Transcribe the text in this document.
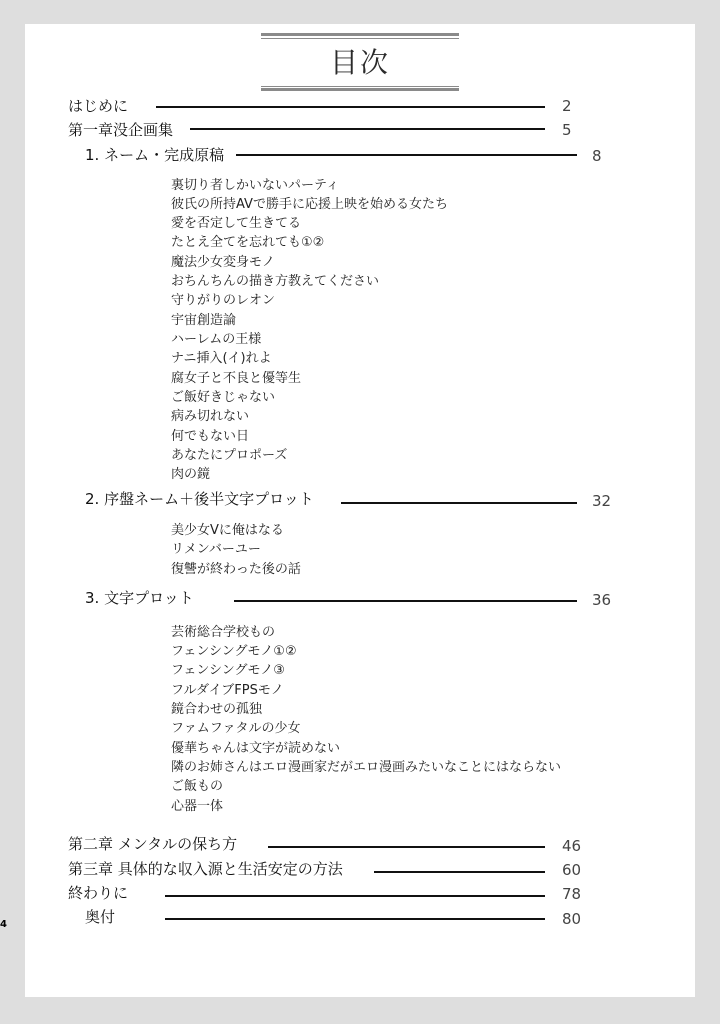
目次
はじめに	2
第一章没企画集	5
1. ネーム・完成原稿	8
裏切り者しかいないパーティ
彼氏の所持AVで勝手に応援上映を始める女たち
愛を否定して生きてる
たとえ全てを忘れても①②
魔法少女変身モノ
おちんちんの描き方教えてください
守りがりのレオン
宇宙創造論
ハーレムの王様
ナニ挿入(イ)れよ
腐女子と不良と優等生
ご飯好きじゃない
病み切れない
何でもない日
あなたにプロポーズ
肉の鏡
2. 序盤ネーム＋後半文字プロット	32
美少女Vに俺はなる
リメンバーユー
復讐が終わった後の話
3. 文字プロット	36
芸術総合学校もの
フェンシングモノ①②
フェンシングモノ③
フルダイブFPSモノ
鏡合わせの孤独
ファムファタルの少女
優華ちゃんは文字が読めない
隣のお姉さんはエロ漫画家だがエロ漫画みたいなことにはならない
ご飯もの
心器一体
第二章 メンタルの保ち方	46
第三章 具体的な収入源と生活安定の方法	60
終わりに	78
奥付	80
4
